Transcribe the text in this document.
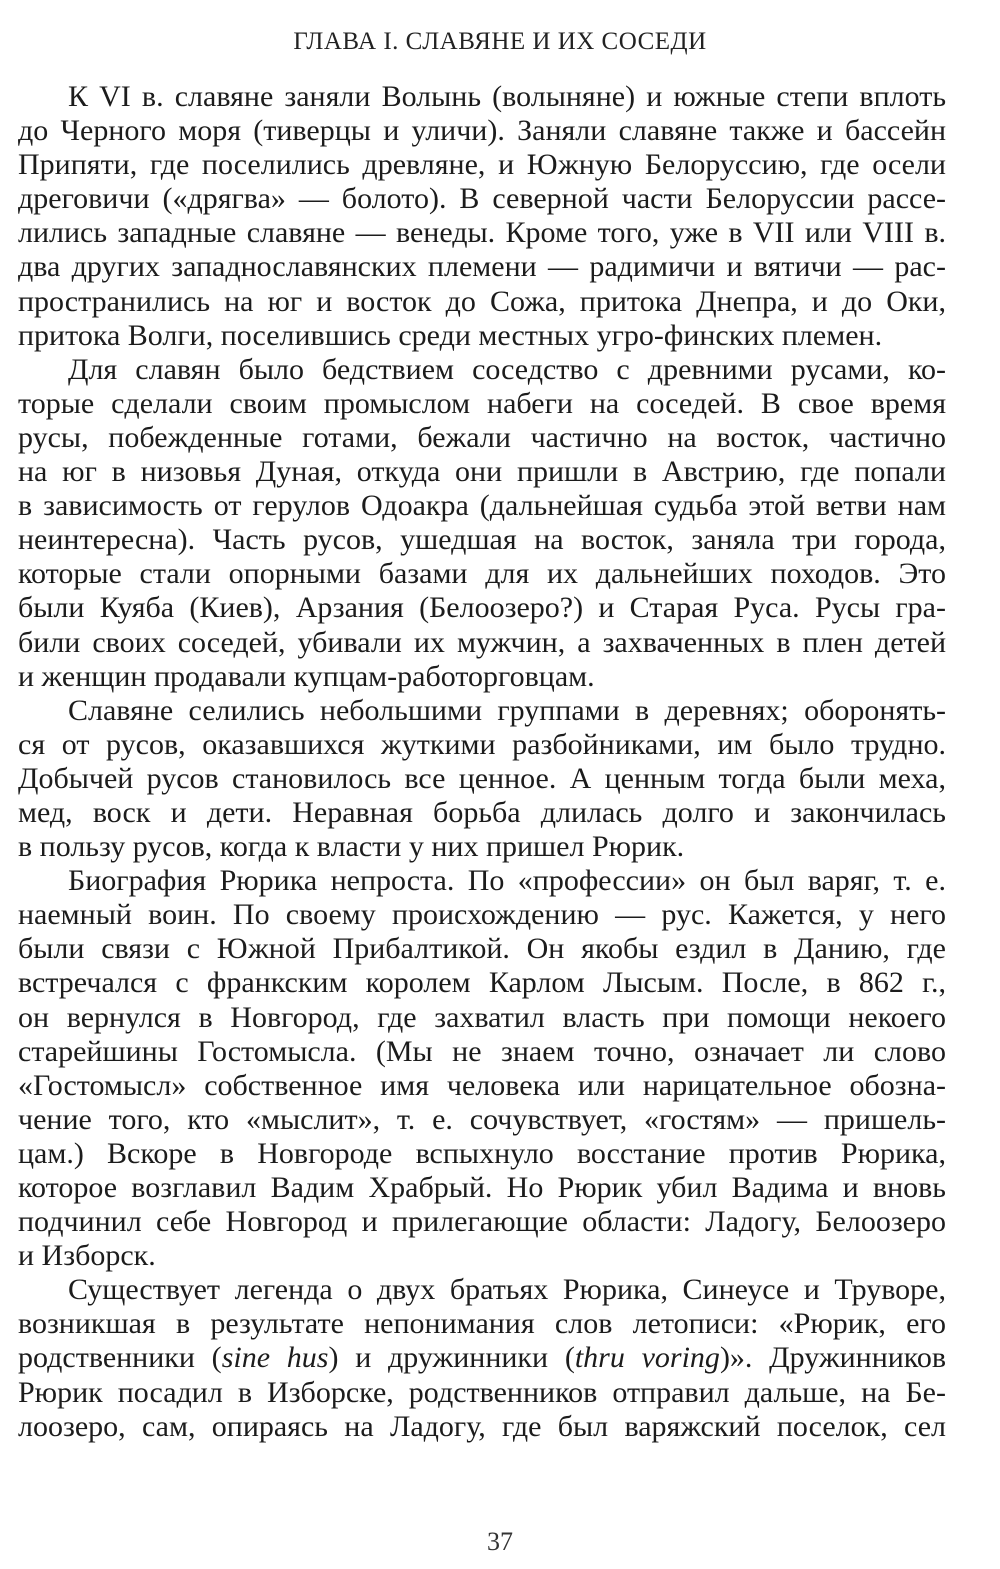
ГЛАВА I. СЛАВЯНЕ И ИХ СОСЕДИ
К VI в. славяне заняли Волынь (волыняне) и южные степи вплоть
до Черного моря (тиверцы и уличи). Заняли славяне также и бассейн
Припяти, где поселились древляне, и Южную Белоруссию, где осели
дреговичи («дрягва» — болото). В северной части Белоруссии рассе-
лились западные славяне — венеды. Кроме того, уже в VII или VIII в.
два других западнославянских племени — радимичи и вятичи — рас-
пространились на юг и восток до Сожа, притока Днепра, и до Оки,
притока Волги, поселившись среди местных угро-финских племен.
Для славян было бедствием соседство с древними русами, ко-
торые сделали своим промыслом набеги на соседей. В свое время
русы, побежденные готами, бежали частично на восток, частично
на юг в низовья Дуная, откуда они пришли в Австрию, где попали
в зависимость от герулов Одоакра (дальнейшая судьба этой ветви нам
неинтересна). Часть русов, ушедшая на восток, заняла три города,
которые стали опорными базами для их дальнейших походов. Это
были Куяба (Киев), Арзания (Белоозеро?) и Старая Руса. Русы гра-
били своих соседей, убивали их мужчин, а захваченных в плен детей
и женщин продавали купцам-работорговцам.
Славяне селились небольшими группами в деревнях; оборонять-
ся от русов, оказавшихся жуткими разбойниками, им было трудно.
Добычей русов становилось все ценное. А ценным тогда были меха,
мед, воск и дети. Неравная борьба длилась долго и закончилась
в пользу русов, когда к власти у них пришел Рюрик.
Биография Рюрика непроста. По «профессии» он был варяг, т. е.
наемный воин. По своему происхождению — рус. Кажется, у него
были связи с Южной Прибалтикой. Он якобы ездил в Данию, где
встречался с франкским королем Карлом Лысым. После, в 862 г.,
он вернулся в Новгород, где захватил власть при помощи некоего
старейшины Гостомысла. (Мы не знаем точно, означает ли слово
«Гостомысл» собственное имя человека или нарицательное обозна-
чение того, кто «мыслит», т. е. сочувствует, «гостям» — пришель-
цам.) Вскоре в Новгороде вспыхнуло восстание против Рюрика,
которое возглавил Вадим Храбрый. Но Рюрик убил Вадима и вновь
подчинил себе Новгород и прилегающие области: Ладогу, Белоозеро
и Изборск.
Существует легенда о двух братьях Рюрика, Синеусе и Труворе,
возникшая в результате непонимания слов летописи: «Рюрик, его
родственники (sine hus) и дружинники (thru voring)». Дружинников
Рюрик посадил в Изборске, родственников отправил дальше, на Бе-
лоозеро, сам, опираясь на Ладогу, где был варяжский поселок, сел
37
